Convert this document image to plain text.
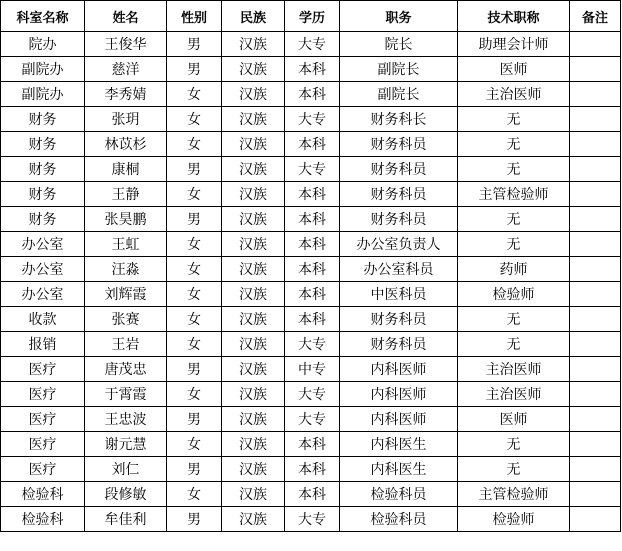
科室名称	姓名	性别	民族	学历	职务	技术职称	备注
院办	王俊华	男	汉族	大专	院长	助理会计师	
副院办	慈洋	男	汉族	本科	副院长	医师	
副院办	李秀婧	女	汉族	本科	副院长	主治医师	
财务	张玥	女	汉族	大专	财务科长	无	
财务	林苡杉	女	汉族	本科	财务科员	无	
财务	康桐	男	汉族	大专	财务科员	无	
财务	王静	女	汉族	本科	财务科员	主管检验师	
财务	张昊鹏	男	汉族	本科	财务科员	无	
办公室	王虹	女	汉族	本科	办公室负责人	无	
办公室	汪淼	女	汉族	本科	办公室科员	药师	
办公室	刘辉霞	女	汉族	本科	中医科员	检验师	
收款	张赛	女	汉族	本科	财务科员	无	
报销	王岩	女	汉族	大专	财务科员	无	
医疗	唐茂忠	男	汉族	中专	内科医师	主治医师	
医疗	于霄霞	女	汉族	大专	内科医师	主治医师	
医疗	王忠波	男	汉族	大专	内科医师	医师	
医疗	谢元慧	女	汉族	本科	内科医生	无	
医疗	刘仁	男	汉族	本科	内科医生	无	
检验科	段修敏	女	汉族	本科	检验科员	主管检验师	
检验科	牟佳利	男	汉族	大专	检验科员	检验师	
